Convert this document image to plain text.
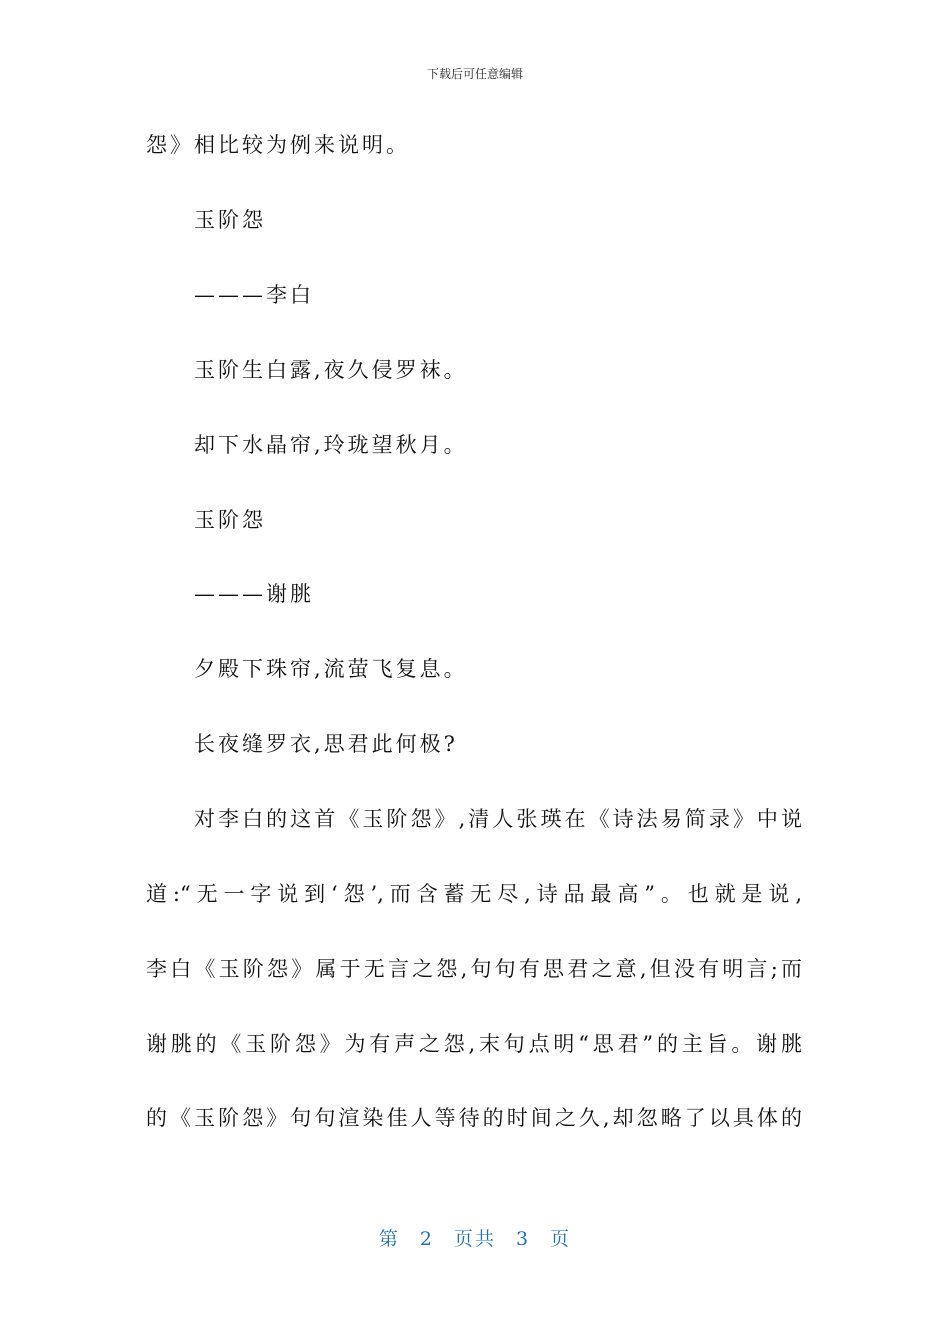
下载后可任意编辑
怨》相比较为例来说明。
玉阶怨
———李白
玉阶生白露,夜久侵罗袜。
却下水晶帘,玲珑望秋月。
玉阶怨
———谢朓
夕殿下珠帘,流萤飞复息。
长夜缝罗衣,思君此何极?
对李白的这首《玉阶怨》,清人张瑛在《诗法易简录》中说
道:“无一字说到‘怨’,而含蓄无尽,诗品最高”。也就是说,
李白《玉阶怨》属于无言之怨,句句有思君之意,但没有明言;而
谢朓的《玉阶怨》为有声之怨,末句点明“思君”的主旨。谢朓
的《玉阶怨》句句渲染佳人等待的时间之久,却忽略了以具体的
第 2 页共 3 页
